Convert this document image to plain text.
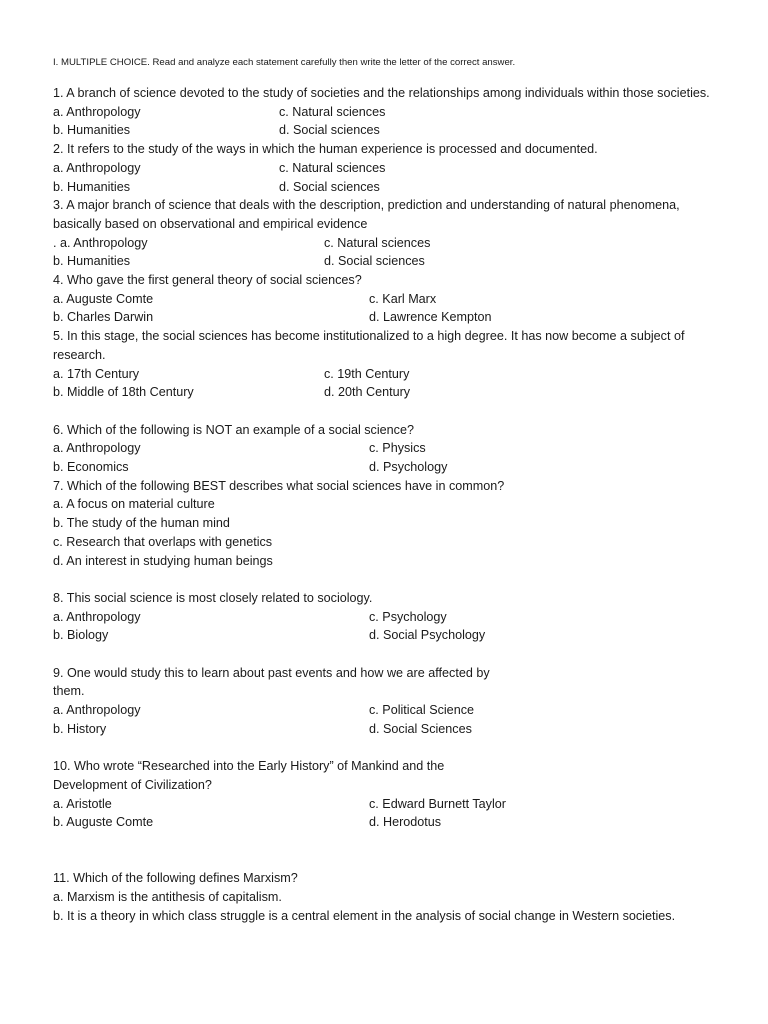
I. MULTIPLE CHOICE. Read and analyze each statement carefully then write the letter of the correct answer.
1. A branch of science devoted to the study of societies and the relationships among individuals within those societies.
a. Anthropology	c. Natural sciences
b. Humanities	d. Social sciences
2. It refers to the study of the ways in which the human experience is processed and documented.
a. Anthropology	c. Natural sciences
b. Humanities	d. Social sciences
3. A major branch of science that deals with the description, prediction and understanding of natural phenomena, basically based on observational and empirical evidence
. a. Anthropology	c. Natural sciences
b. Humanities	d. Social sciences
4. Who gave the first general theory of social sciences?
a. Auguste Comte	c. Karl Marx
b. Charles Darwin	d. Lawrence Kempton
5. In this stage, the social sciences has become institutionalized to a high degree. It has now become a subject of research.
a. 17th Century	c. 19th Century
b. Middle of 18th Century	d. 20th Century
6. Which of the following is NOT an example of a social science?
a. Anthropology	c. Physics
b. Economics	d. Psychology
7. Which of the following BEST describes what social sciences have in common?
a. A focus on material culture
b. The study of the human mind
c. Research that overlaps with genetics
d. An interest in studying human beings
8. This social science is most closely related to sociology.
a. Anthropology	c. Psychology
b. Biology	d. Social Psychology
9. One would study this to learn about past events and how we are affected by them.
a. Anthropology	c. Political Science
b. History	d. Social Sciences
10. Who wrote “Researched into the Early History” of Mankind and the Development of Civilization?
a. Aristotle	c. Edward Burnett Taylor
b. Auguste Comte	d. Herodotus
11. Which of the following defines Marxism?
a. Marxism is the antithesis of capitalism.
b. It is a theory in which class struggle is a central element in the analysis of social change in Western societies.
